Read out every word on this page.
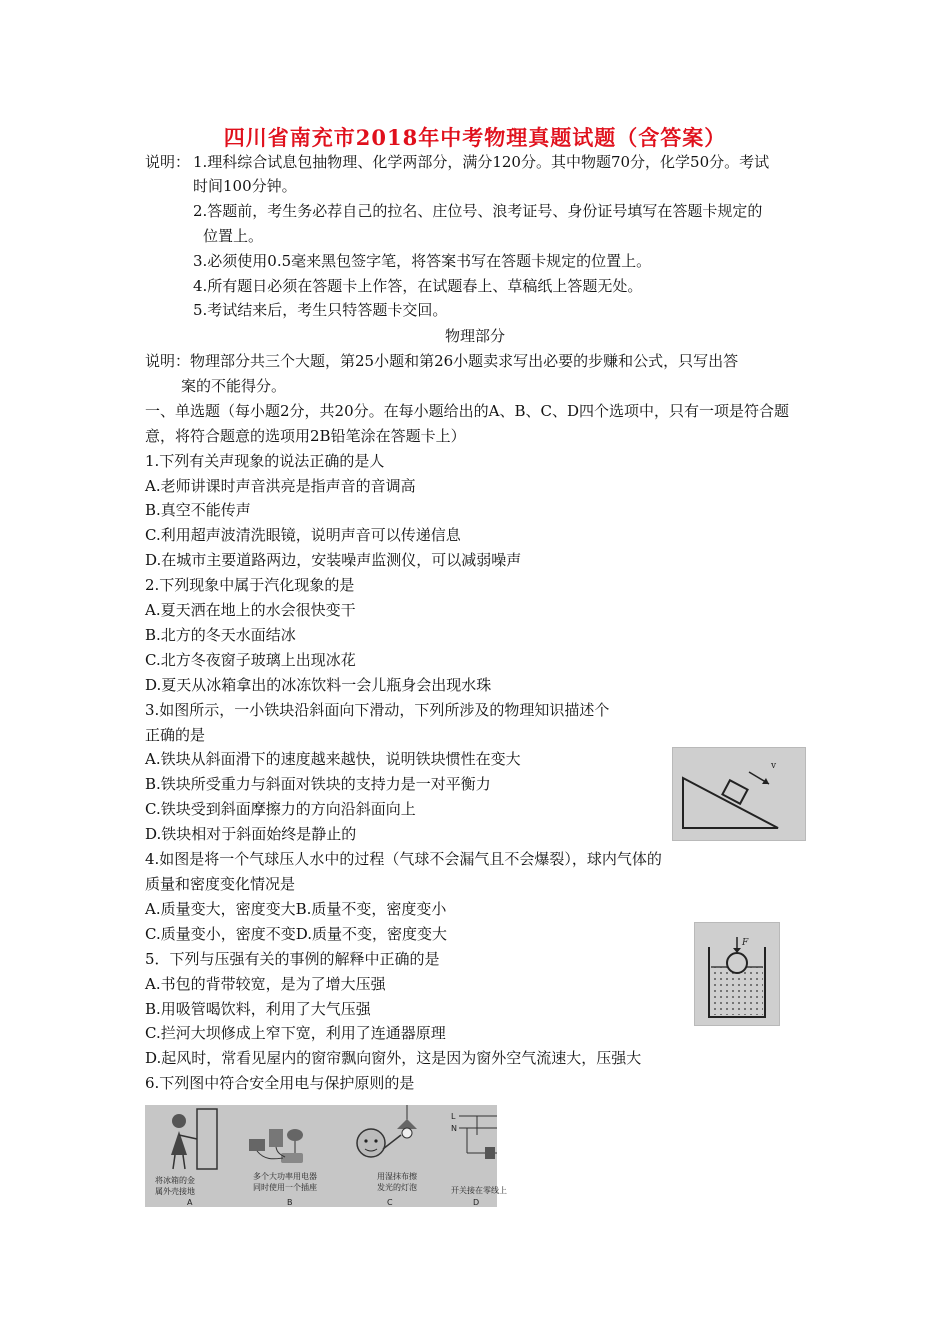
四川省南充市2018年中考物理真题试题（含答案）
说明： 1.理科综合试息包抽物理、化学两部分，满分120分。其中物题70分，化学50分。考试
时间100分钟。
2.答题前，考生务必荐自己的拉名、庄位号、浪考证号、身份证号填写在答题卡规定的
位置上。
3.必须使用0.5毫来黑包签字笔，将答案书写在答题卡规定的位置上。
4.所有题日必须在答题卡上作答，在试题春上、草稿纸上答题无处。
5.考试结来后，考生只特答题卡交回。
物理部分
说明：物理部分共三个大题，第25小题和第26小题卖求写出必要的步赚和公式，只写出答
案的不能得分。
一、单选题（每小题2分，共20分。在每小题给出的A、B、C、D四个选项中，只有一项是符合题
意，将符合题意的选项用2B铅笔涂在答题卡上）
1.下列有关声现象的说法正确的是人
A.老师讲课时声音洪亮是指声音的音调高
B.真空不能传声
C.利用超声波清洗眼镜，说明声音可以传递信息
D.在城市主要道路两边，安装噪声监测仪，可以减弱噪声
2.下列现象中属于汽化现象的是
A.夏天洒在地上的水会很快变干
B.北方的冬天水面结冰
C.北方冬夜窗子玻璃上出现冰花
D.夏天从冰箱拿出的冰冻饮料一会儿瓶身会出现水珠
3.如图所示，一小铁块沿斜面向下滑动，下列所涉及的物理知识描述个
正确的是
A.铁块从斜面滑下的速度越来越快，说明铁块惯性在变大
B.铁块所受重力与斜面对铁块的支持力是一对平衡力
C.铁块受到斜面摩擦力的方向沿斜面向上
D.铁块相对于斜面始终是静止的
v
4.如图是将一个气球压人水中的过程（气球不会漏气且不会爆裂），球内气体的
质量和密度变化情况是
A.质量变大，密度变大B.质量不变，密度变小
C.质量变小，密度不变D.质量不变，密度变大	F
5．下列与压强有关的事例的解释中正确的是
A.书包的背带较宽，是为了增大压强
B.用吸管喝饮料，利用了大气压强
C.拦河大坝修成上窄下宽，利用了连通器原理
D.起风时，常看见屋内的窗帘飘向窗外，这是因为窗外空气流速大，压强大
6.下列图中符合安全用电与保护原则的是
将冰箱的金
属外壳接地
A
多个大功率用电器
同时使用一个插座
B
用湿抹布擦
发光的灯泡
C
L
N
开关接在零线上
D
